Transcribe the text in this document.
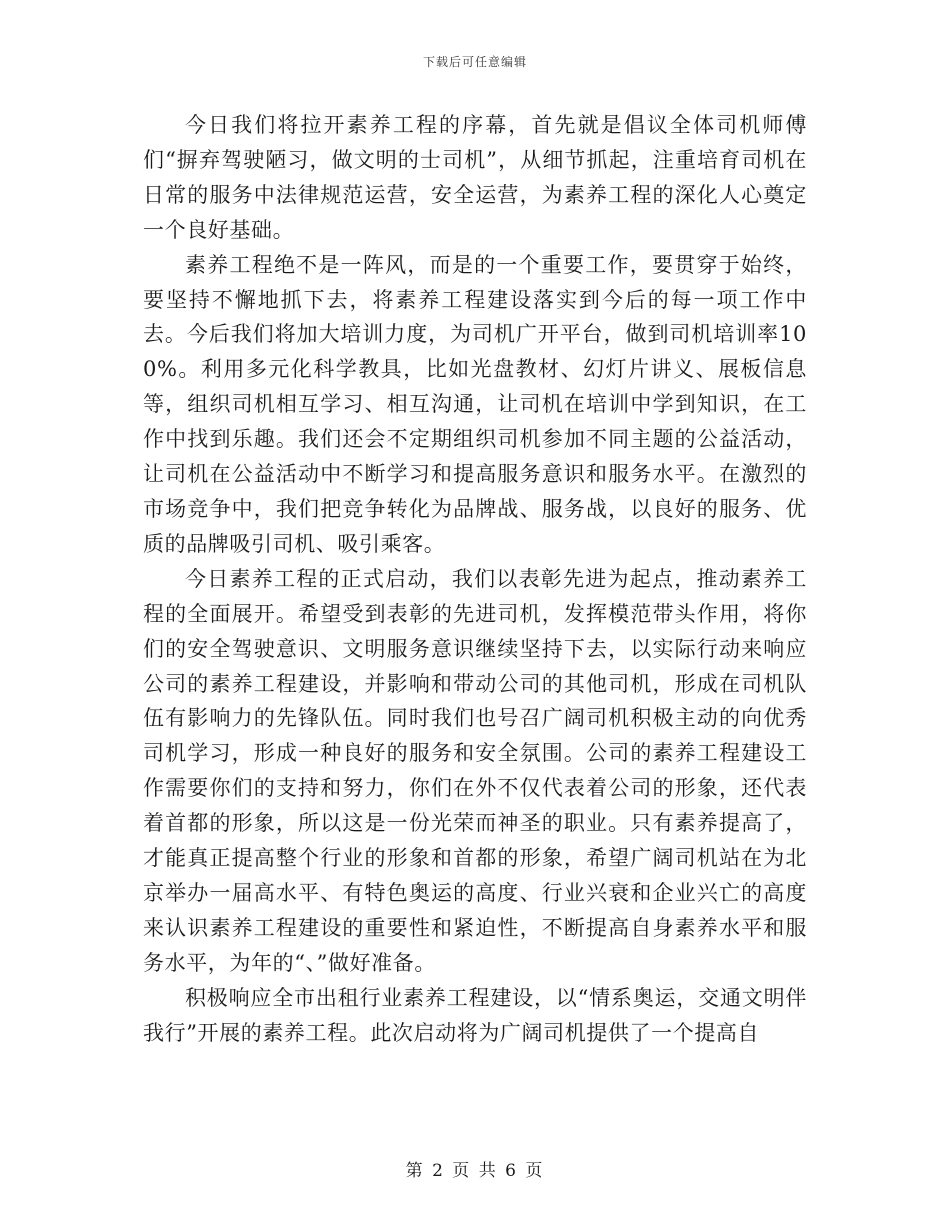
下载后可任意编辑

今日我们将拉开素养工程的序幕，首先就是倡议全体司机师傅们“摒弃驾驶陋习，做文明的士司机”，从细节抓起，注重培育司机在日常的服务中法律规范运营，安全运营，为素养工程的深化人心奠定一个良好基础。

素养工程绝不是一阵风，而是的一个重要工作，要贯穿于始终，要坚持不懈地抓下去，将素养工程建设落实到今后的每一项工作中去。今后我们将加大培训力度，为司机广开平台，做到司机培训率100%。利用多元化科学教具，比如光盘教材、幻灯片讲义、展板信息等，组织司机相互学习、相互沟通，让司机在培训中学到知识，在工作中找到乐趣。我们还会不定期组织司机参加不同主题的公益活动，让司机在公益活动中不断学习和提高服务意识和服务水平。在激烈的市场竞争中，我们把竞争转化为品牌战、服务战，以良好的服务、优质的品牌吸引司机、吸引乘客。

今日素养工程的正式启动，我们以表彰先进为起点，推动素养工程的全面展开。希望受到表彰的先进司机，发挥模范带头作用，将你们的安全驾驶意识、文明服务意识继续坚持下去，以实际行动来响应公司的素养工程建设，并影响和带动公司的其他司机，形成在司机队伍有影响力的先锋队伍。同时我们也号召广阔司机积极主动的向优秀司机学习，形成一种良好的服务和安全氛围。公司的素养工程建设工作需要你们的支持和努力，你们在外不仅代表着公司的形象，还代表着首都的形象，所以这是一份光荣而神圣的职业。只有素养提高了，才能真正提高整个行业的形象和首都的形象，希望广阔司机站在为北京举办一届高水平、有特色奥运的高度、行业兴衰和企业兴亡的高度来认识素养工程建设的重要性和紧迫性，不断提高自身素养水平和服务水平，为年的“、”做好准备。

积极响应全市出租行业素养工程建设，以“情系奥运，交通文明伴我行”开展的素养工程。此次启动将为广阔司机提供了一个提高自

第 2 页 共 6 页
